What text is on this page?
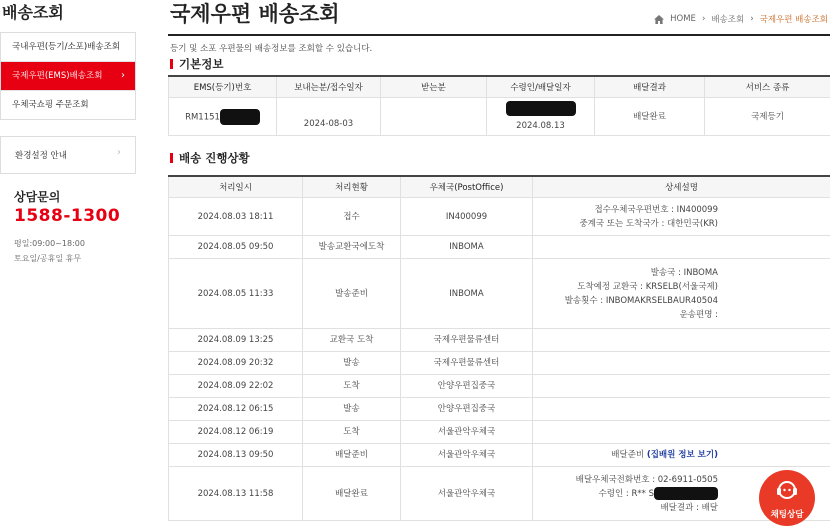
배송조회
국내우편(등기/소포)배송조회
국제우편(EMS)배송조회 ›
우체국쇼핑 주문조회
환경설정 안내	›
상담문의
1588-1300
평일:09:00~18:00
토요일/공휴일 휴무
국제우편 배송조회	HOME › 배송조회 › 국제우편 배송조회
등기 및 소포 우편물의 배송정보를 조회할 수 있습니다.
기본정보
EMS(등기)번호	보내는분/접수일자	받는분	수령인/배달일자	배달결과	서비스 종류
RM1151	2024-08-03		2024.08.13	배달완료	국제등기
배송 진행상황
처리일시	처리현황	우체국(PostOffice)	상세설명
2024.08.03 18:11	접수	IN400099	접수우체국우편번호 : IN400099
중계국 또는 도착국가 : 대한민국(KR)

2024.08.05 09:50	발송교환국에도착	INBOMA	
2024.08.05 11:33	발송준비	INBOMA	발송국 : INBOMA
도착예정 교환국 : KRSELB(서울국제)
발송횟수 : INBOMAKRSELBAUR40504
운송편명 :

2024.08.09 13:25	교환국 도착	국제우편물류센터	
2024.08.09 20:32	발송	국제우편물류센터	
2024.08.09 22:02	도착	안양우편집중국	
2024.08.12 06:15	발송	안양우편집중국	
2024.08.12 06:19	도착	서울관악우체국	
2024.08.13 09:50	배달준비	서울관악우체국	배달준비 (집배원 정보 보기)
2024.08.13 11:58	배달완료	서울관악우체국	배달우체국전화번호 : 02-6911-0505
수령인 : R** S
배달결과 : 배달
채팅상담
